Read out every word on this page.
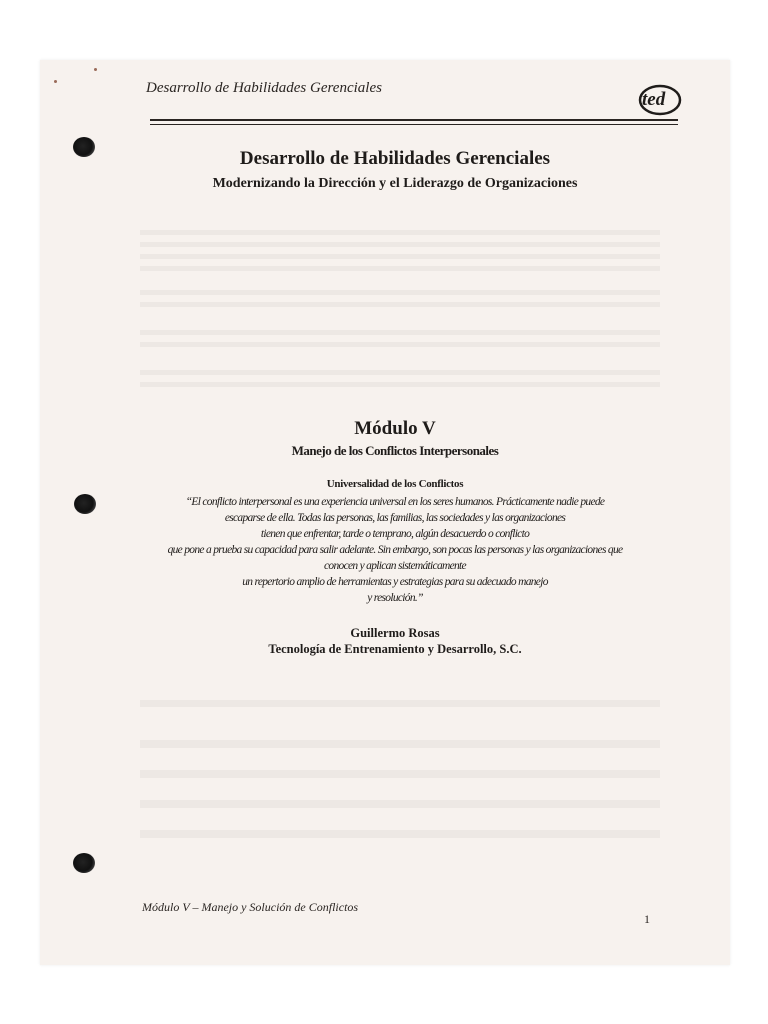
Desarrollo de Habilidades Gerenciales
ted
Desarrollo de Habilidades Gerenciales
Modernizando la Dirección y el Liderazgo de Organizaciones
Módulo V
Manejo de los Conflictos Interpersonales
Universalidad de los Conflictos
“El conflicto interpersonal es una experiencia universal en los seres humanos. Prácticamente nadie puede
escaparse de ella. Todas las personas, las familias, las sociedades y las organizaciones
tienen que enfrentar, tarde o temprano, algún desacuerdo o conflicto
que pone a prueba su capacidad para salir adelante. Sin embargo, son pocas las personas y las organizaciones que
conocen y aplican sistemáticamente
un repertorio amplio de herramientas y estrategias para su adecuado manejo
y resolución.”
Guillermo Rosas
Tecnología de Entrenamiento y Desarrollo, S.C.
Módulo V – Manejo y Solución de Conflictos
1
